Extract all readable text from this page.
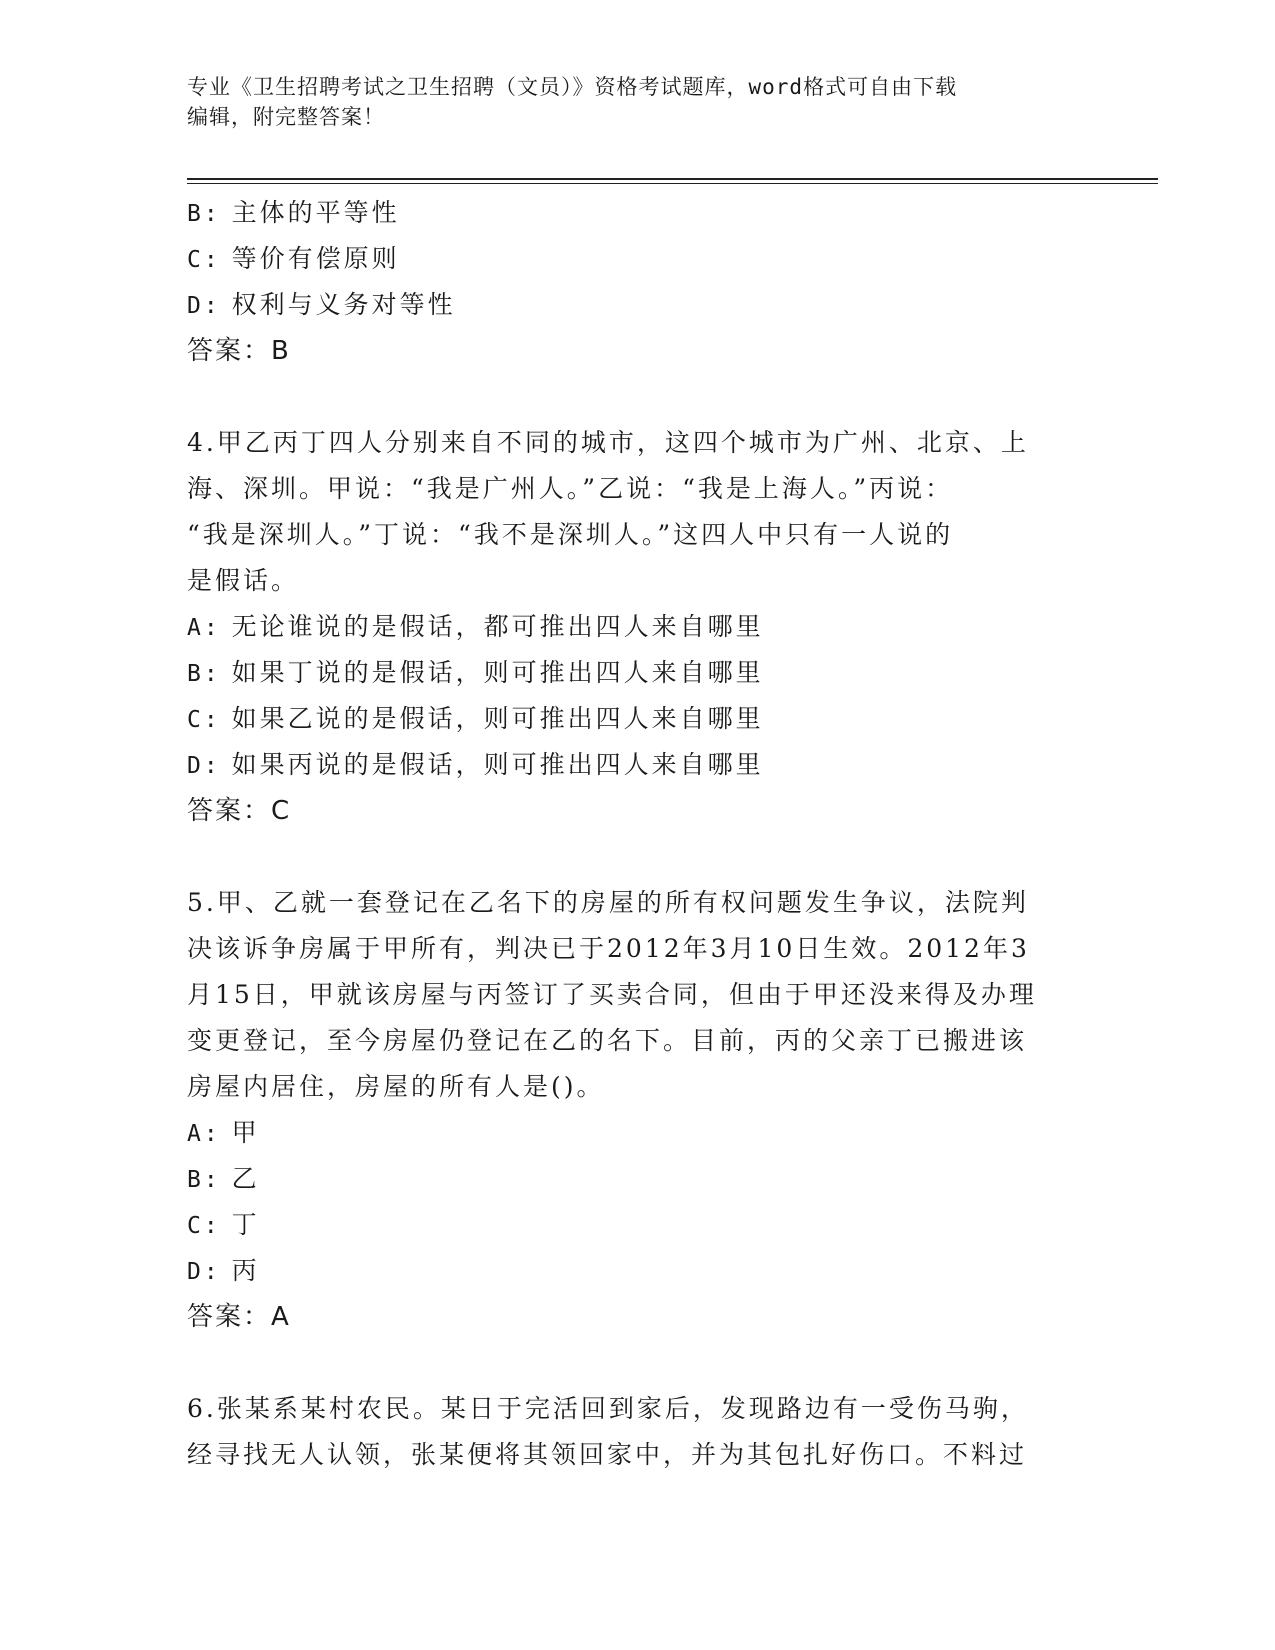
专业《卫生招聘考试之卫生招聘（文员）》资格考试题库，word格式可自由下载
编辑，附完整答案！
B: 主体的平等性
C: 等价有偿原则
D: 权利与义务对等性
答案：B
4.甲乙丙丁四人分别来自不同的城市，这四个城市为广州、北京、上
海、深圳。甲说：“我是广州人。”乙说：“我是上海人。”丙说：
“我是深圳人。”丁说：“我不是深圳人。”这四人中只有一人说的
是假话。
A: 无论谁说的是假话，都可推出四人来自哪里
B: 如果丁说的是假话，则可推出四人来自哪里
C: 如果乙说的是假话，则可推出四人来自哪里
D: 如果丙说的是假话，则可推出四人来自哪里
答案：C
5.甲、乙就一套登记在乙名下的房屋的所有权问题发生争议，法院判
决该诉争房属于甲所有，判决已于2012年3月10日生效。2012年3
月15日，甲就该房屋与丙签订了买卖合同，但由于甲还没来得及办理
变更登记，至今房屋仍登记在乙的名下。目前，丙的父亲丁已搬进该
房屋内居住，房屋的所有人是()。
A: 甲
B: 乙
C: 丁
D: 丙
答案：A
6.张某系某村农民。某日于完活回到家后，发现路边有一受伤马驹，
经寻找无人认领，张某便将其领回家中，并为其包扎好伤口。不料过
